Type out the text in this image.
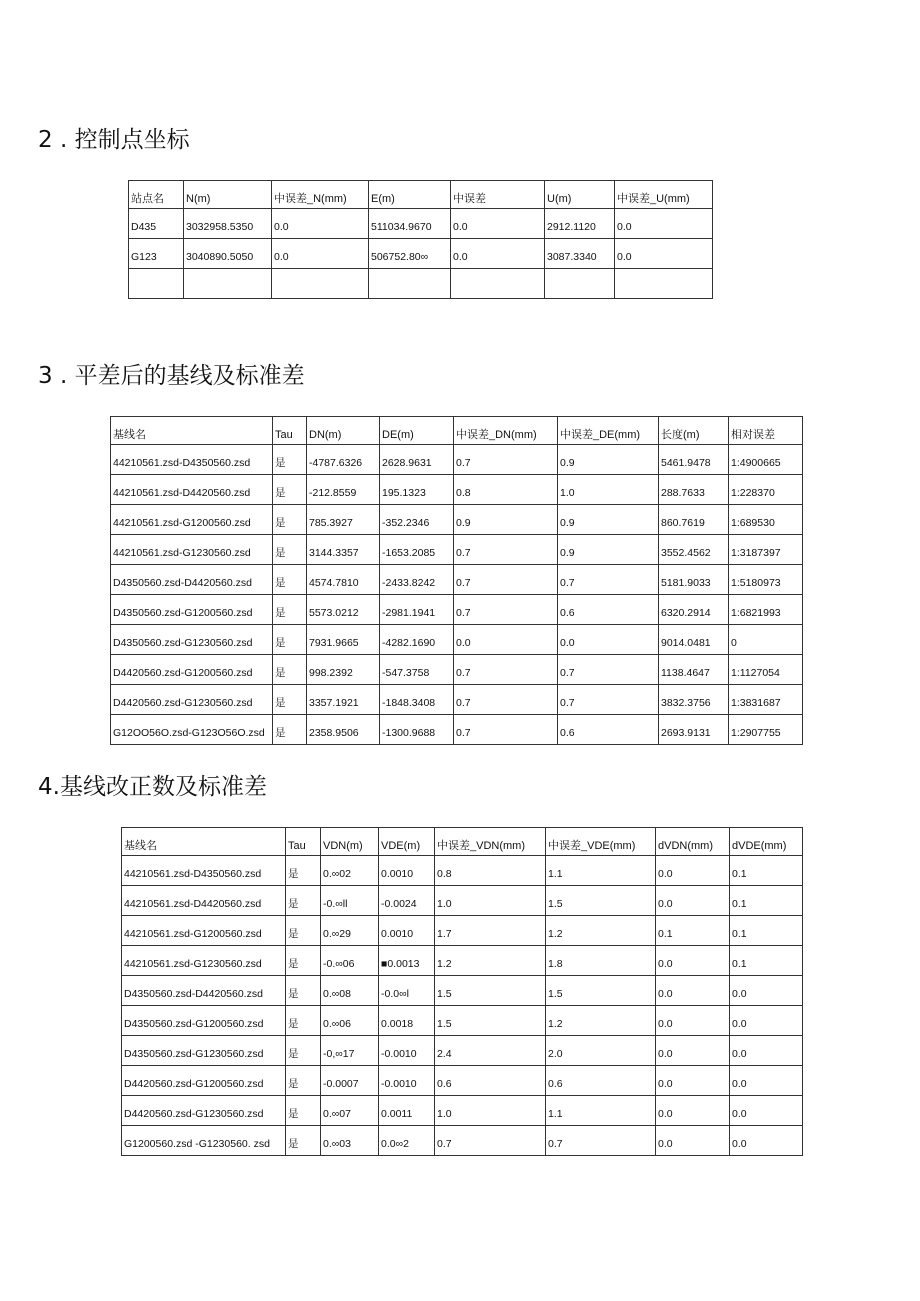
2 . 控制点坐标
站点名	N(m)	中误差_N(mm)	E(m)	中误差	U(m)	中误差_U(mm)
D435	3032958.5350	0.0	511034.9670	0.0	2912.1120	0.0
G123	3040890.5050	0.0	506752.80∞	0.0	3087.3340	0.0

3 . 平差后的基线及标准差
基线名	Tau	DN(m)	DE(m)	中误差_DN(mm)	中误差_DE(mm)	长度(m)	相对误差
44210561.zsd-D4350560.zsd	是	-4787.6326	2628.9631	0.7	0.9	5461.9478	1:4900665
44210561.zsd-D4420560.zsd	是	-212.8559	195.1323	0.8	1.0	288.7633	1:228370
44210561.zsd-G1200560.zsd	是	785.3927	-352.2346	0.9	0.9	860.7619	1:689530
44210561.zsd-G1230560.zsd	是	3144.3357	-1653.2085	0.7	0.9	3552.4562	1:3187397
D4350560.zsd-D4420560.zsd	是	4574.7810	-2433.8242	0.7	0.7	5181.9033	1:5180973
D4350560.zsd-G1200560.zsd	是	5573.0212	-2981.1941	0.7	0.6	6320.2914	1:6821993
D4350560.zsd-G1230560.zsd	是	7931.9665	-4282.1690	0.0	0.0	9014.0481	0
D4420560.zsd-G1200560.zsd	是	998.2392	-547.3758	0.7	0.7	1138.4647	1:1127054
D4420560.zsd-G1230560.zsd	是	3357.1921	-1848.3408	0.7	0.7	3832.3756	1:3831687
G12OO56O.zsd-G123O56O.zsd	是	2358.9506	-1300.9688	0.7	0.6	2693.9131	1:2907755
4.基线改正数及标准差
基线名	Tau	VDN(m)	VDE(m)	中误差_VDN(mm)	中误差_VDE(mm)	dVDN(mm)	dVDE(mm)
44210561.zsd-D4350560.zsd	是	0.∞02	0.0010	0.8	1.1	0.0	0.1
44210561.zsd-D4420560.zsd	是	-0.∞ll	-0.0024	1.0	1.5	0.0	0.1
44210561.zsd-G1200560.zsd	是	0.∞29	0.0010	1.7	1.2	0.1	0.1
44210561.zsd-G1230560.zsd	是	-0.∞06	■0.0013	1.2	1.8	0.0	0.1
D4350560.zsd-D4420560.zsd	是	0.∞08	-0.0∞l	1.5	1.5	0.0	0.0
D4350560.zsd-G1200560.zsd	是	0.∞06	0.0018	1.5	1.2	0.0	0.0
D4350560.zsd-G1230560.zsd	是	-0,∞17	-0.0010	2.4	2.0	0.0	0.0
D4420560.zsd-G1200560.zsd	是	-0.0007	-0.0010	0.6	0.6	0.0	0.0
D4420560.zsd-G1230560.zsd	是	0.∞07	0.0011	1.0	1.1	0.0	0.0
G1200560.zsd -G1230560. zsd	是	0.∞03	0.0∞2	0.7	0.7	0.0	0.0
